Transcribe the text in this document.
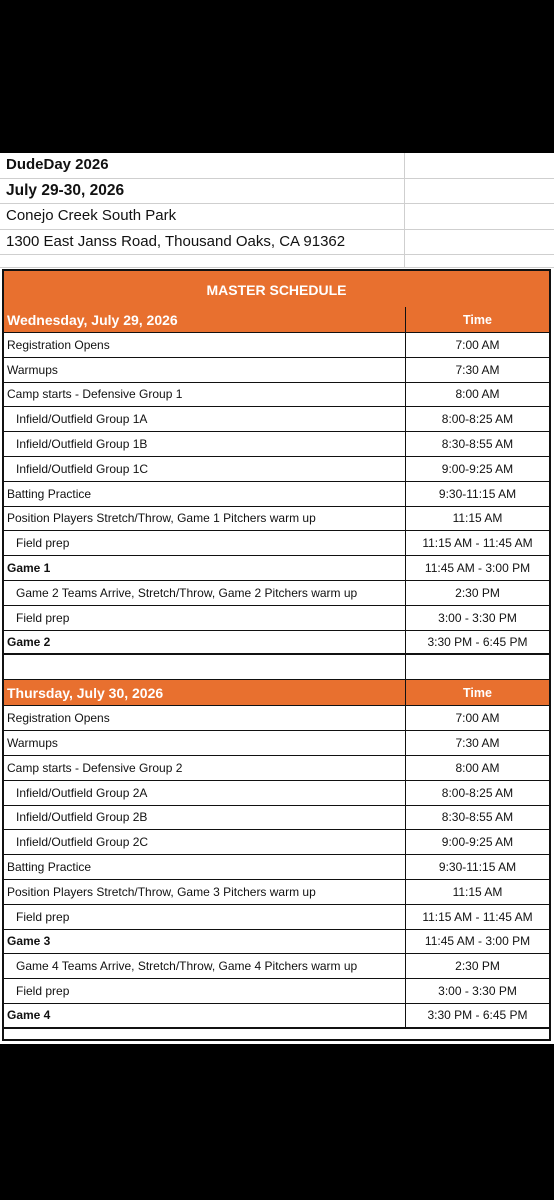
DudeDay 2026
July 29-30, 2026
Conejo Creek South Park
1300 East Janss Road, Thousand Oaks, CA 91362
MASTER SCHEDULE
Wednesday, July 29, 2026	Time
Registration Opens	7:00 AM
Warmups	7:30 AM
Camp starts - Defensive Group 1	8:00 AM
Infield/Outfield Group 1A	8:00-8:25 AM
Infield/Outfield Group 1B	8:30-8:55 AM
Infield/Outfield Group 1C	9:00-9:25 AM
Batting Practice	9:30-11:15 AM
Position Players Stretch/Throw, Game 1 Pitchers warm up	11:15 AM
Field prep	11:15 AM - 11:45 AM
Game 1	11:45 AM - 3:00 PM
Game 2 Teams Arrive, Stretch/Throw, Game 2 Pitchers warm up	2:30 PM
Field prep	3:00 - 3:30 PM
Game 2	3:30 PM - 6:45 PM
Thursday, July 30, 2026	Time
Registration Opens	7:00 AM
Warmups	7:30 AM
Camp starts - Defensive Group 2	8:00 AM
Infield/Outfield Group 2A	8:00-8:25 AM
Infield/Outfield Group 2B	8:30-8:55 AM
Infield/Outfield Group 2C	9:00-9:25 AM
Batting Practice	9:30-11:15 AM
Position Players Stretch/Throw, Game 3 Pitchers warm up	11:15 AM
Field prep	11:15 AM - 11:45 AM
Game 3	11:45 AM - 3:00 PM
Game 4 Teams Arrive, Stretch/Throw, Game 4 Pitchers warm up	2:30 PM
Field prep	3:00 - 3:30 PM
Game 4	3:30 PM - 6:45 PM
